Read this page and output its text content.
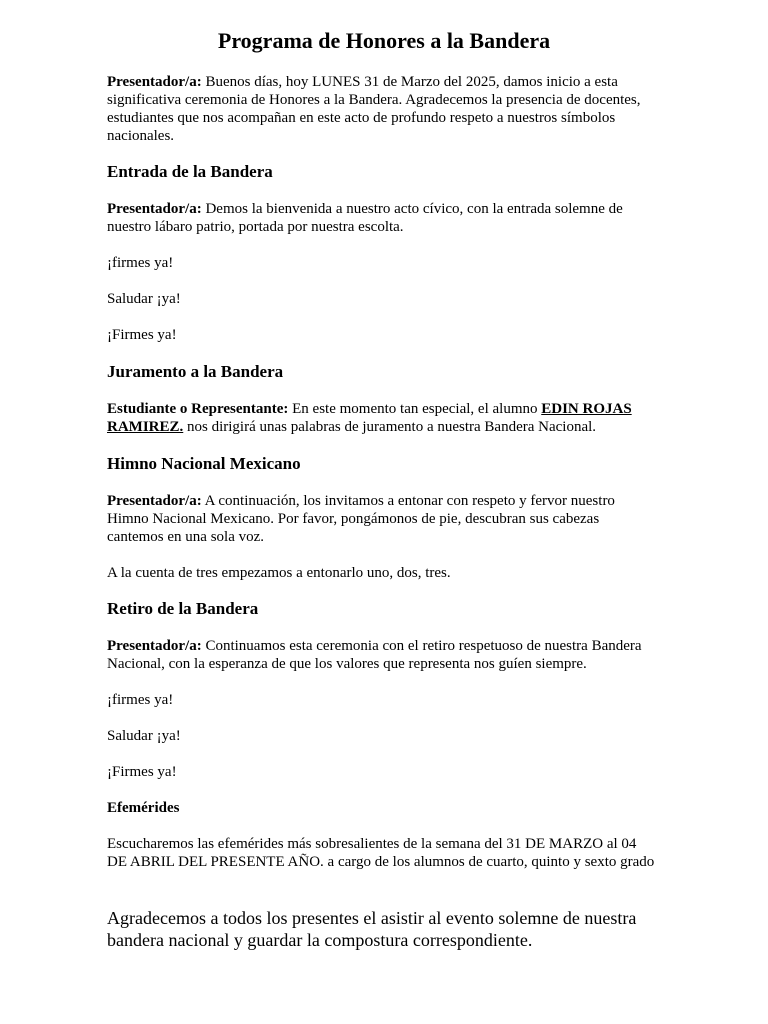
Programa de Honores a la Bandera

Presentador/a: Buenos días, hoy LUNES 31 de Marzo del 2025, damos inicio a esta significativa ceremonia de Honores a la Bandera. Agradecemos la presencia de docentes, estudiantes que nos acompañan en este acto de profundo respeto a nuestros símbolos nacionales.

Entrada de la Bandera

Presentador/a: Demos la bienvenida a nuestro acto cívico, con la entrada solemne de nuestro lábaro patrio, portada por nuestra escolta.

¡firmes ya!

Saludar ¡ya!

¡Firmes ya!

Juramento a la Bandera

Estudiante o Representante: En este momento tan especial, el alumno EDIN ROJAS RAMIREZ. nos dirigirá unas palabras de juramento a nuestra Bandera Nacional.

Himno Nacional Mexicano

Presentador/a: A continuación, los invitamos a entonar con respeto y fervor nuestro Himno Nacional Mexicano. Por favor, pongámonos de pie, descubran sus cabezas cantemos en una sola voz.

A la cuenta de tres empezamos a entonarlo uno, dos, tres.

Retiro de la Bandera

Presentador/a: Continuamos esta ceremonia con el retiro respetuoso de nuestra Bandera Nacional, con la esperanza de que los valores que representa nos guíen siempre.

¡firmes ya!

Saludar ¡ya!

¡Firmes ya!

Efemérides

Escucharemos las efemérides más sobresalientes de la semana del 31 DE MARZO al 04 DE ABRIL DEL PRESENTE AÑO. a cargo de los alumnos de cuarto, quinto y sexto grado

Agradecemos a todos los presentes el asistir al evento solemne de nuestra bandera nacional y guardar la compostura correspondiente.
